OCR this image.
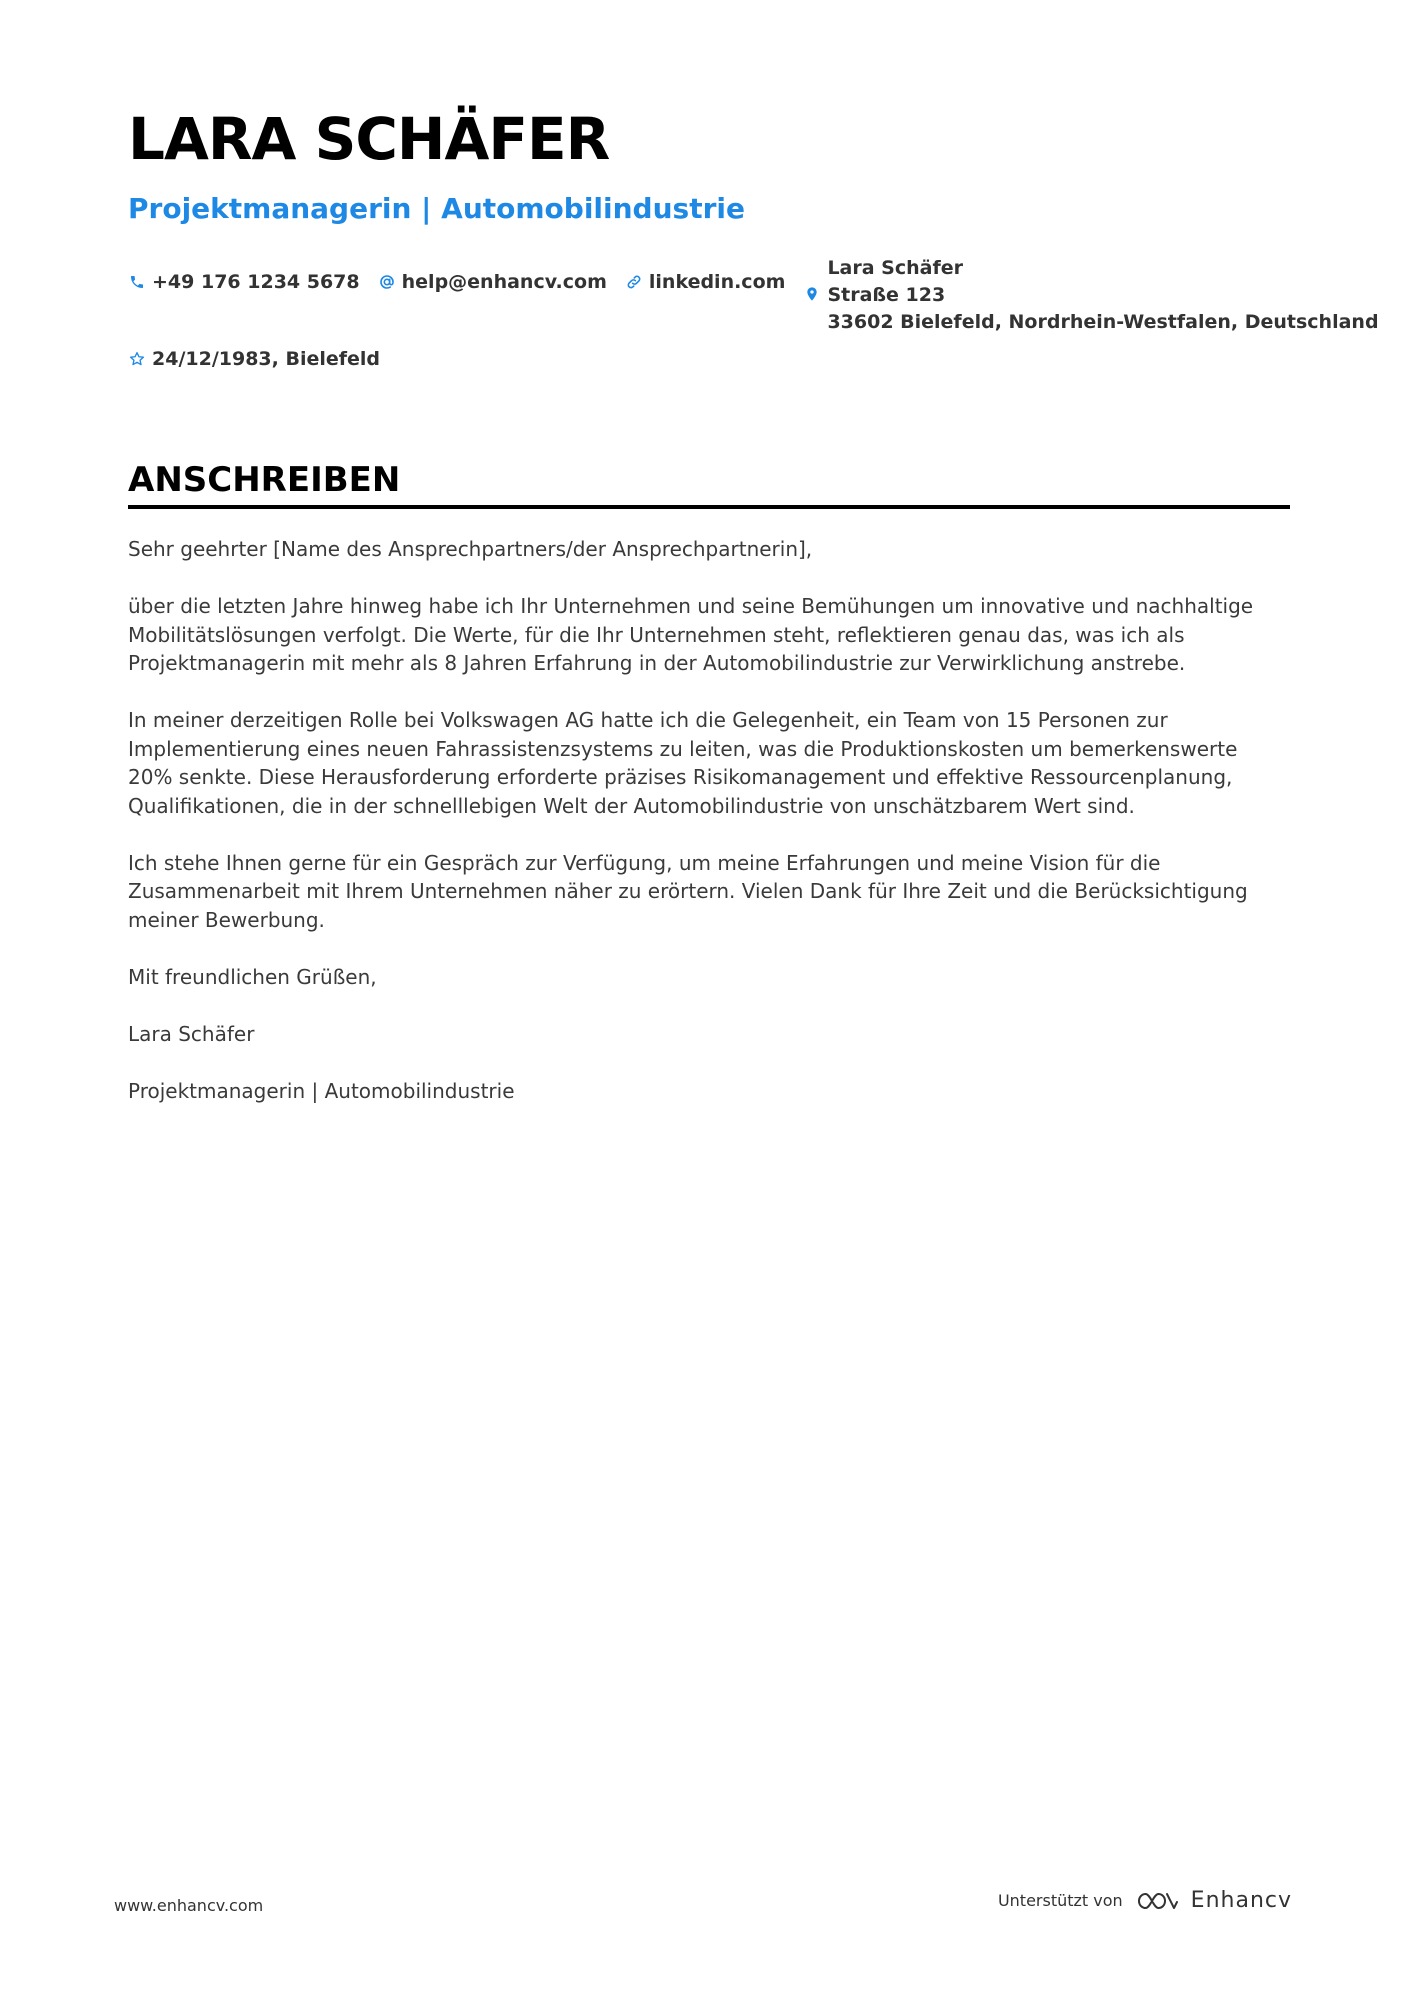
LARA SCHÄFER
Projektmanagerin | Automobilindustrie
+49 176 1234 5678 help@enhancv.com linkedin.com
Lara Schäfer
Straße 123
33602 Bielefeld, Nordrhein-Westfalen, Deutschland
24/12/1983, Bielefeld
ANSCHREIBEN

Sehr geehrter [Name des Ansprechpartners/der Ansprechpartnerin],

über die letzten Jahre hinweg habe ich Ihr Unternehmen und seine Bemühungen um innovative und nachhaltige Mobilitätslösungen verfolgt. Die Werte, für die Ihr Unternehmen steht, reflektieren genau das, was ich als Projektmanagerin mit mehr als 8 Jahren Erfahrung in der Automobilindustrie zur Verwirklichung anstrebe.

In meiner derzeitigen Rolle bei Volkswagen AG hatte ich die Gelegenheit, ein Team von 15 Personen zur Implementierung eines neuen Fahrassistenzsystems zu leiten, was die Produktionskosten um bemerkenswerte 20% senkte. Diese Herausforderung erforderte präzises Risikomanagement und effektive Ressourcenplanung, Qualifikationen, die in der schnelllebigen Welt der Automobilindustrie von unschätzbarem Wert sind.

Ich stehe Ihnen gerne für ein Gespräch zur Verfügung, um meine Erfahrungen und meine Vision für die Zusammenarbeit mit Ihrem Unternehmen näher zu erörtern. Vielen Dank für Ihre Zeit und die Berücksichtigung meiner Bewerbung.

Mit freundlichen Grüßen,

Lara Schäfer

Projektmanagerin | Automobilindustrie

www.enhancv.com	Unterstützt von	Enhancv
